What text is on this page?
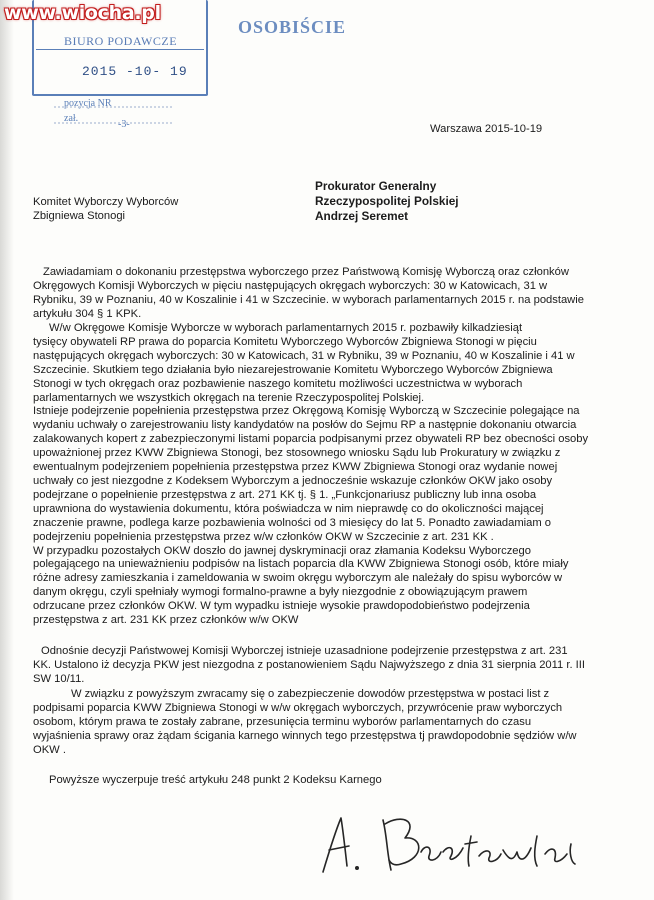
BIURO PODAWCZE
2015 -10- 19
pozycja NR
zał.
-3-
www.wiocha.pl
OSOBIŚCIE
Warszawa 2015-10-19
Prokurator Generalny
Rzeczypospolitej Polskiej
Andrzej Seremet
Komitet Wyborczy Wyborców
Zbigniewa Stonogi
Zawiadamiam o dokonaniu przestępstwa wyborczego przez Państwową Komisję Wyborczą oraz członków
Okręgowych Komisji Wyborczych w pięciu następujących okręgach wyborczych: 30 w Katowicach, 31 w
Rybniku, 39 w Poznaniu, 40 w Koszalinie i 41 w Szczecinie. w wyborach parlamentarnych 2015 r. na podstawie
artykułu 304 § 1 KPK.
W/w Okręgowe Komisje Wyborcze w wyborach parlamentarnych 2015 r. pozbawiły kilkadziesiąt
tysięcy obywateli RP prawa do poparcia Komitetu Wyborczego Wyborców Zbigniewa Stonogi w pięciu
następujących okręgach wyborczych: 30 w Katowicach, 31 w Rybniku, 39 w Poznaniu, 40 w Koszalinie i 41 w
Szczecinie. Skutkiem tego działania było niezarejestrowanie Komitetu Wyborczego Wyborców Zbigniewa
Stonogi w tych okręgach oraz pozbawienie naszego komitetu możliwości uczestnictwa w wyborach
parlamentarnych we wszystkich okręgach na terenie Rzeczypospolitej Polskiej.
Istnieje podejrzenie popełnienia przestępstwa przez Okręgową Komisję Wyborczą w Szczecinie polegające na
wydaniu uchwały o zarejestrowaniu listy kandydatów na posłów do Sejmu RP a następnie dokonaniu otwarcia
zalakowanych kopert z zabezpieczonymi listami poparcia podpisanymi przez obywateli RP bez obecności osoby
upoważnionej przez KWW Zbigniewa Stonogi, bez stosownego wniosku Sądu lub Prokuratury w związku z
ewentualnym podejrzeniem popełnienia przestępstwa przez KWW Zbigniewa Stonogi oraz wydanie nowej
uchwały co jest niezgodne z Kodeksem Wyborczym a jednocześnie wskazuje członków OKW jako osoby
podejrzane o popełnienie przestępstwa z art. 271 KK tj. § 1. „Funkcjonariusz publiczny lub inna osoba
uprawniona do wystawienia dokumentu, która poświadcza w nim nieprawdę co do okoliczności mającej
znaczenie prawne, podlega karze pozbawienia wolności od 3 miesięcy do lat 5. Ponadto zawiadamiam o
podejrzeniu popełnienia przestępstwa przez w/w członków OKW w Szczecinie z art. 231 KK .
W przypadku pozostałych OKW doszło do jawnej dyskryminacji oraz złamania Kodeksu Wyborczego
polegającego na unieważnieniu podpisów na listach poparcia dla KWW Zbigniewa Stonogi osób, które miały
różne adresy zamieszkania i zameldowania w swoim okręgu wyborczym ale należały do spisu wyborców w
danym okręgu, czyli spełniały wymogi formalno-prawne a były niezgodnie z obowiązującym prawem
odrzucane przez członków OKW. W tym wypadku istnieje wysokie prawdopodobieństwo podejrzenia
przestępstwa z art. 231 KK przez członków w/w OKW
Odnośnie decyzji Państwowej Komisji Wyborczej istnieje uzasadnione podejrzenie przestępstwa z art. 231
KK. Ustalono iż decyzja PKW jest niezgodna z postanowieniem Sądu Najwyższego z dnia 31 sierpnia 2011 r. III
SW 10/11.
W związku z powyższym zwracamy się o zabezpieczenie dowodów przestępstwa w postaci list z
podpisami poparcia KWW Zbigniewa Stonogi w w/w okręgach wyborczych, przywrócenie praw wyborczych
osobom, którym prawa te zostały zabrane, przesunięcia terminu wyborów parlamentarnych do czasu
wyjaśnienia sprawy oraz żądam ścigania karnego winnych tego przestępstwa tj prawdopodobnie sędziów w/w
OKW .
Powyższe wyczerpuje treść artykułu 248 punkt 2 Kodeksu Karnego
